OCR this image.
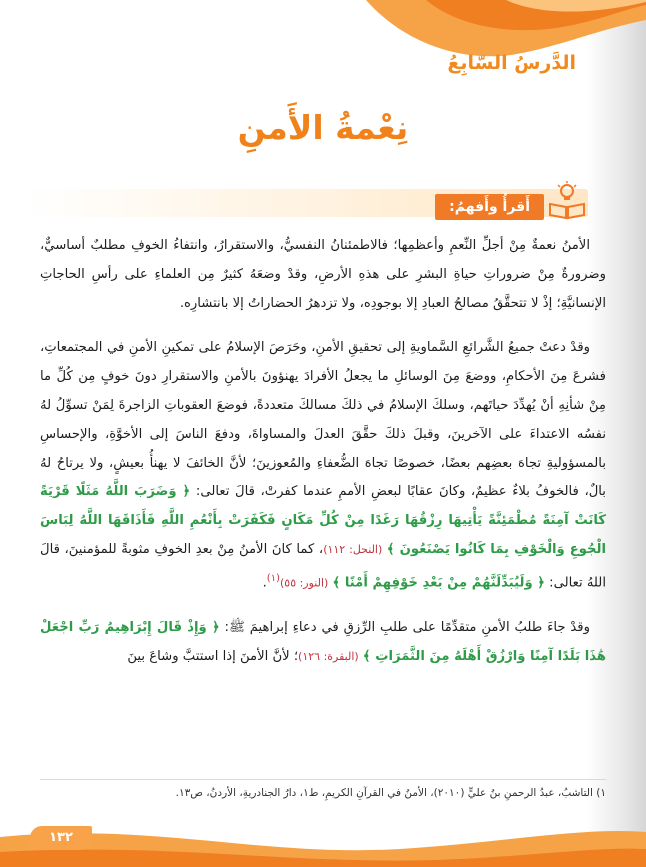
الدَّرسُ السّابِعُ
نِعْمةُ الأَمنِ
أَقرأُ وأَفهمُ:

الأمنُ نعمةٌ مِنْ أجلِّ النِّعمِ وأعظمِها؛ فالاطمئنانُ النفسيُّ، والاستقرارُ، وانتفاءُ الخوفِ مطلبٌ أساسيٌّ، وضرورةٌ مِنْ ضروراتِ حياةِ البشرِ على هذهِ الأرضِ، وقدْ وضعَهُ كثيرٌ مِن العلماءِ على رأسِ الحاجاتِ الإنسانيَّةِ؛ إذْ لا تتحقَّقُ مصالحُ العبادِ إلا بوجودِه، ولا تزدهرُ الحضاراتُ إلا بانتشارِه.

وقدْ دعتْ جميعُ الشَّرائعِ السَّماويةِ إلى تحقيقِ الأمنِ، وحَرَصَ الإسلامُ على تمكينِ الأمنِ في المجتمعاتِ، فشرعَ مِنَ الأحكامِ، ووضعَ مِنَ الوسائلِ ما يجعلُ الأفرادَ يهنؤونَ بالأمنِ والاستقرارِ دونَ خوفٍ مِن كُلِّ ما مِنْ شأنِهِ أنْ يُهدِّدَ حياتَهم، وسلكَ الإسلامُ في ذلكَ مسالكَ متعددةً، فوضعَ العقوباتِ الزاجرةَ لِمَنْ تسوِّلُ لهُ نفسُه الاعتداءَ على الآخرينَ، وقبلَ ذلكَ حقَّقَ العدلَ والمساواةَ، ودفعَ الناسَ إلى الأخوَّةِ، والإحساسِ بالمسؤوليةِ تجاهَ بعضِهم بعضًا، خصوصًا تجاهَ الضُّعفاءِ والمُعوزينَ؛ لأنَّ الخائفَ لا يهنأُ بعيشٍ، ولا يرتاحُ لهُ بالٌ، فالخوفُ بلاءٌ عظيمٌ، وكانَ عقابًا لبعضِ الأممِ عندما كفرتْ، قالَ تعالى: ﴿ وَضَرَبَ اللَّهُ مَثَلًا قَرْيَةً كَانَتْ آمِنَةً مُطْمَئِنَّةً يَأْتِيهَا رِزْقُهَا رَغَدًا مِنْ كُلِّ مَكَانٍ فَكَفَرَتْ بِأَنْعُمِ اللَّهِ فَأَذَاقَهَا اللَّهُ لِبَاسَ الْجُوعِ وَالْخَوْفِ بِمَا كَانُوا يَصْنَعُونَ ﴾ (النحل: ١١٢)، كما كانَ الأمنُ مِنْ بعدِ الخوفِ مثوبةً للمؤمنينَ، قالَ اللهُ تعالى: ﴿ وَلَيُبَدِّلَنَّهُمْ مِنْ بَعْدِ خَوْفِهِمْ أَمْنًا ﴾ (النور: ٥٥)$^{(١)}$.

وقدْ جاءَ طلبُ الأمنِ متقدِّمًا على طلبِ الرِّزقِ في دعاءِ إبراهيمَ ﷺ: ﴿ وَإِذْ قَالَ إِبْرَاهِيمُ رَبِّ اجْعَلْ هَٰذَا بَلَدًا آمِنًا وَارْزُقْ أَهْلَهُ مِنَ الثَّمَرَاتِ ﴾ (البقرة: ١٢٦)؛ لأنَّ الأمنَ إذا استتبَّ وشاعَ بينَ

١) التاشبُ، عبدُ الرحمنِ بنُ عليٍّ (٢٠١٠)، الأمنُ في القرآنِ الكريمِ، ط١، دارُ الجنادريةِ، الأردنُ، ص١٣.
١٣٢
